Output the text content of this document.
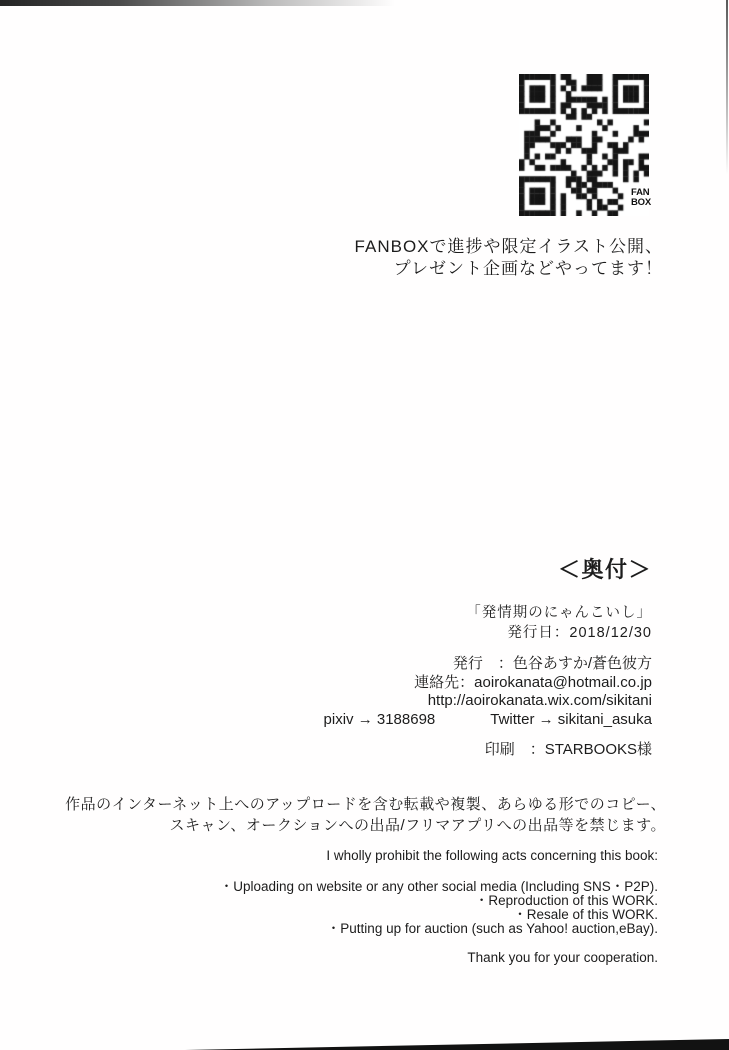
FAN
BOX
FANBOXで進捗や限定イラスト公開、
プレゼント企画などやってます！
＜奥付＞
「発情期のにゃんこいし」
発行日：2018/12/30
発行　：色谷あすか/蒼色彼方
連絡先：aoirokanata@hotmail.co.jp
http://aoirokanata.wix.com/sikitani
pixiv → 3188698	Twitter → sikitani_asuka
印刷　：STARBOOKS様
作品のインターネット上へのアップロードを含む転載や複製、あらゆる形でのコピー、
スキャン、オークションへの出品/フリマアプリへの出品等を禁じます。
I wholly prohibit the following acts concerning this book:
・Uploading on website or any other social media (Including SNS・P2P).
・Reproduction of this WORK.
・Resale of this WORK.
・Putting up for auction (such as Yahoo! auction,eBay).
Thank you for your cooperation.
